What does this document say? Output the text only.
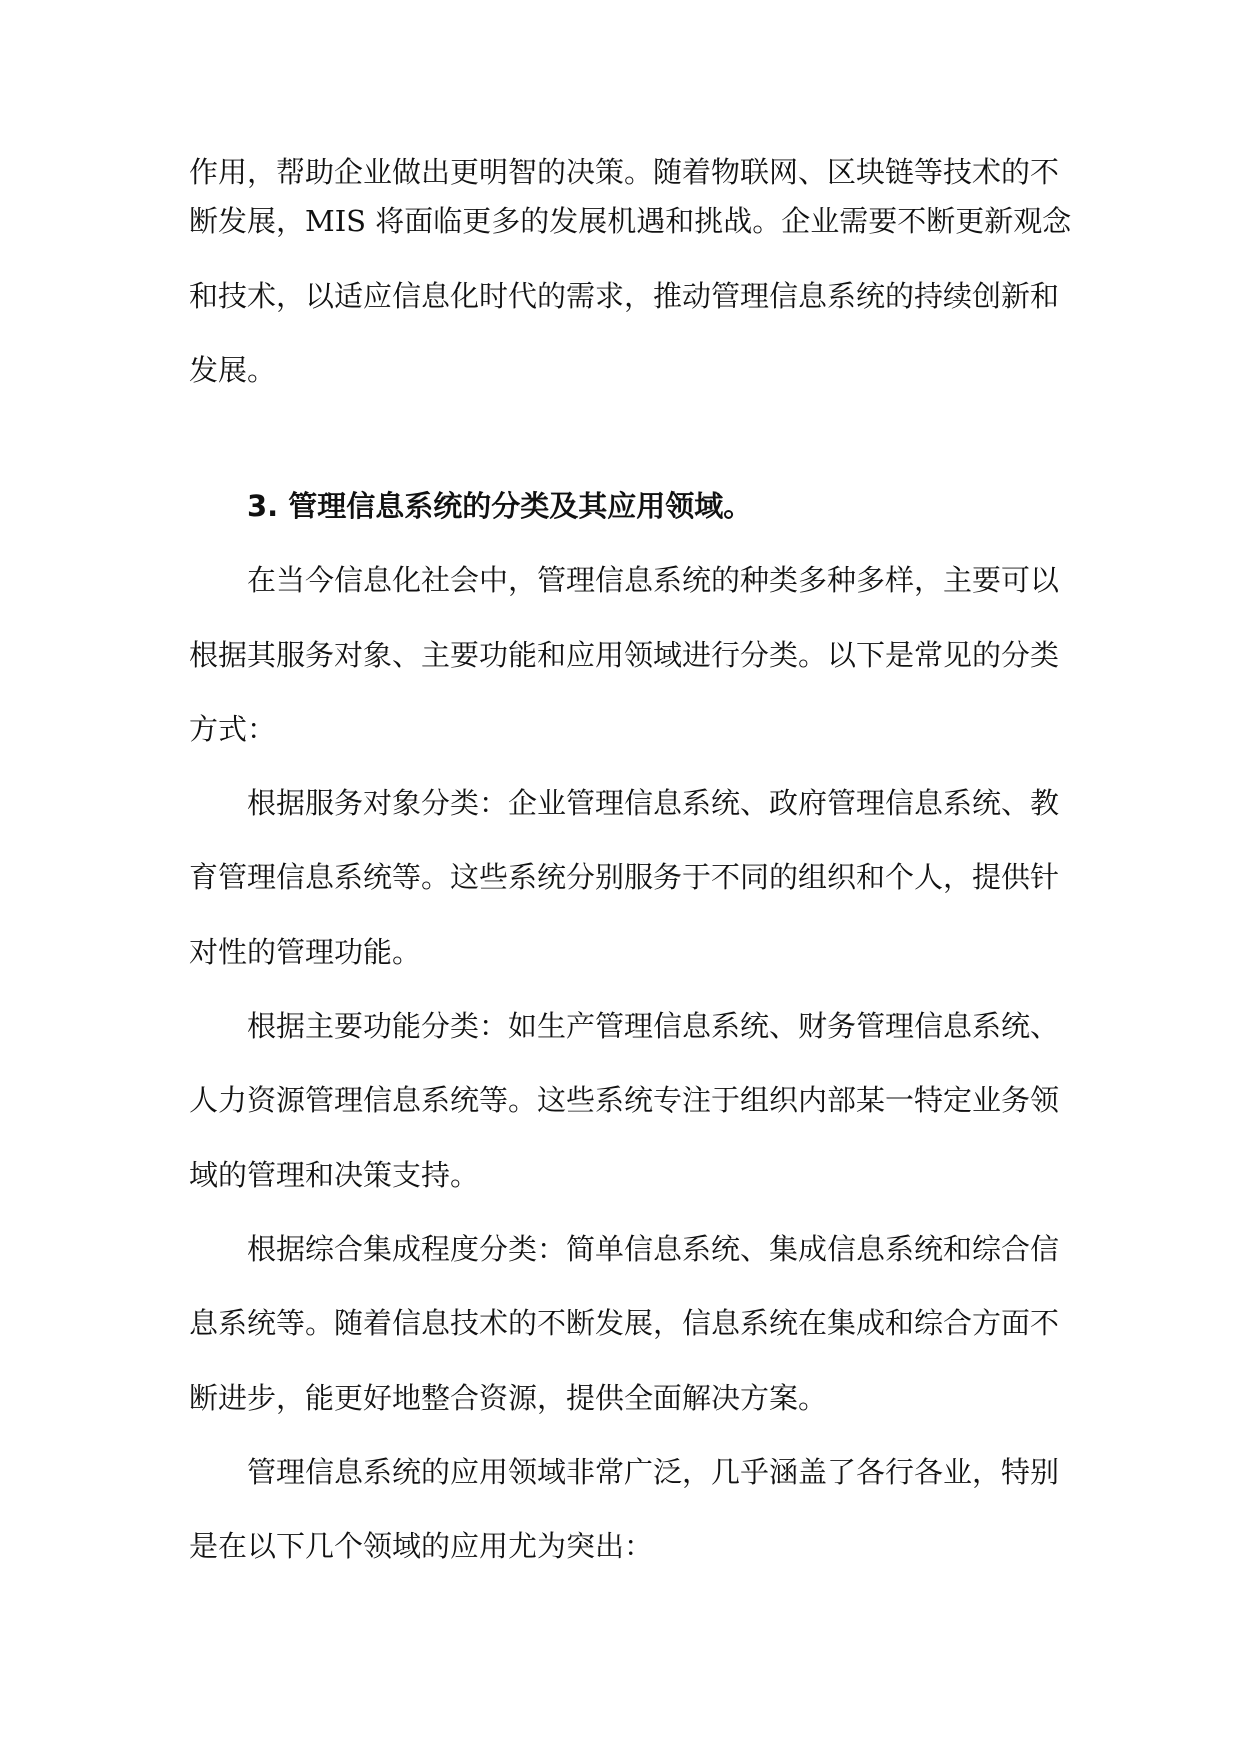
作用，帮助企业做出更明智的决策。随着物联网、区块链等技术的不
断发展，MIS 将面临更多的发展机遇和挑战。企业需要不断更新观念
和技术，以适应信息化时代的需求，推动管理信息系统的持续创新和
发展。
3. 管理信息系统的分类及其应用领域。
在当今信息化社会中，管理信息系统的种类多种多样，主要可以
根据其服务对象、主要功能和应用领域进行分类。以下是常见的分类
方式：
根据服务对象分类：企业管理信息系统、政府管理信息系统、教
育管理信息系统等。这些系统分别服务于不同的组织和个人，提供针
对性的管理功能。
根据主要功能分类：如生产管理信息系统、财务管理信息系统、
人力资源管理信息系统等。这些系统专注于组织内部某一特定业务领
域的管理和决策支持。
根据综合集成程度分类：简单信息系统、集成信息系统和综合信
息系统等。随着信息技术的不断发展，信息系统在集成和综合方面不
断进步，能更好地整合资源，提供全面解决方案。
管理信息系统的应用领域非常广泛，几乎涵盖了各行各业，特别
是在以下几个领域的应用尤为突出：
